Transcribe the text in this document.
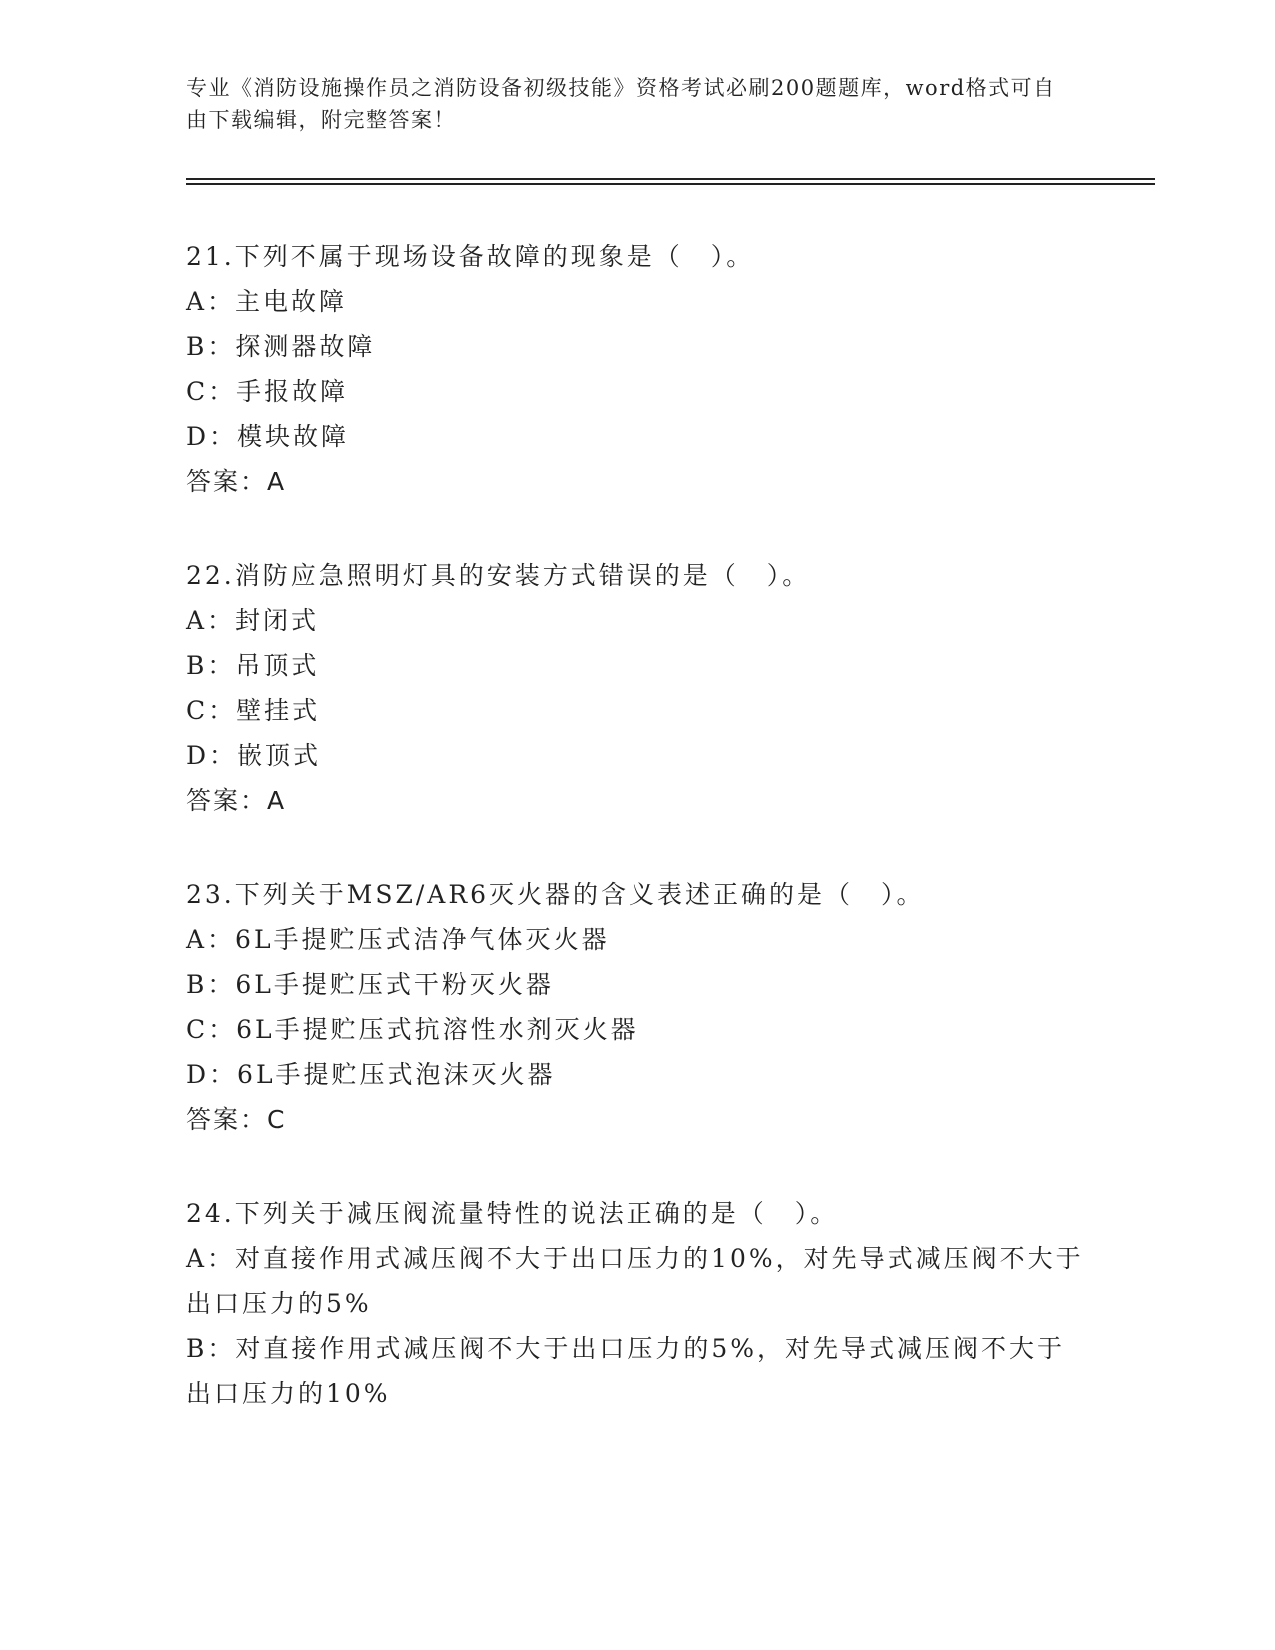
专业《消防设施操作员之消防设备初级技能》资格考试必刷200题题库，word格式可自由下载编辑，附完整答案！
21.下列不属于现场设备故障的现象是（　）。
A：主电故障
B：探测器故障
C：手报故障
D：模块故障
答案：A
22.消防应急照明灯具的安装方式错误的是（　）。
A：封闭式
B：吊顶式
C：壁挂式
D：嵌顶式
答案：A
23.下列关于MSZ/AR6灭火器的含义表述正确的是（　）。
A：6L手提贮压式洁净气体灭火器
B：6L手提贮压式干粉灭火器
C：6L手提贮压式抗溶性水剂灭火器
D：6L手提贮压式泡沫灭火器
答案：C
24.下列关于减压阀流量特性的说法正确的是（　）。
A：对直接作用式减压阀不大于出口压力的10%，对先导式减压阀不大于出口压力的5%
B：对直接作用式减压阀不大于出口压力的5%，对先导式减压阀不大于出口压力的10%
